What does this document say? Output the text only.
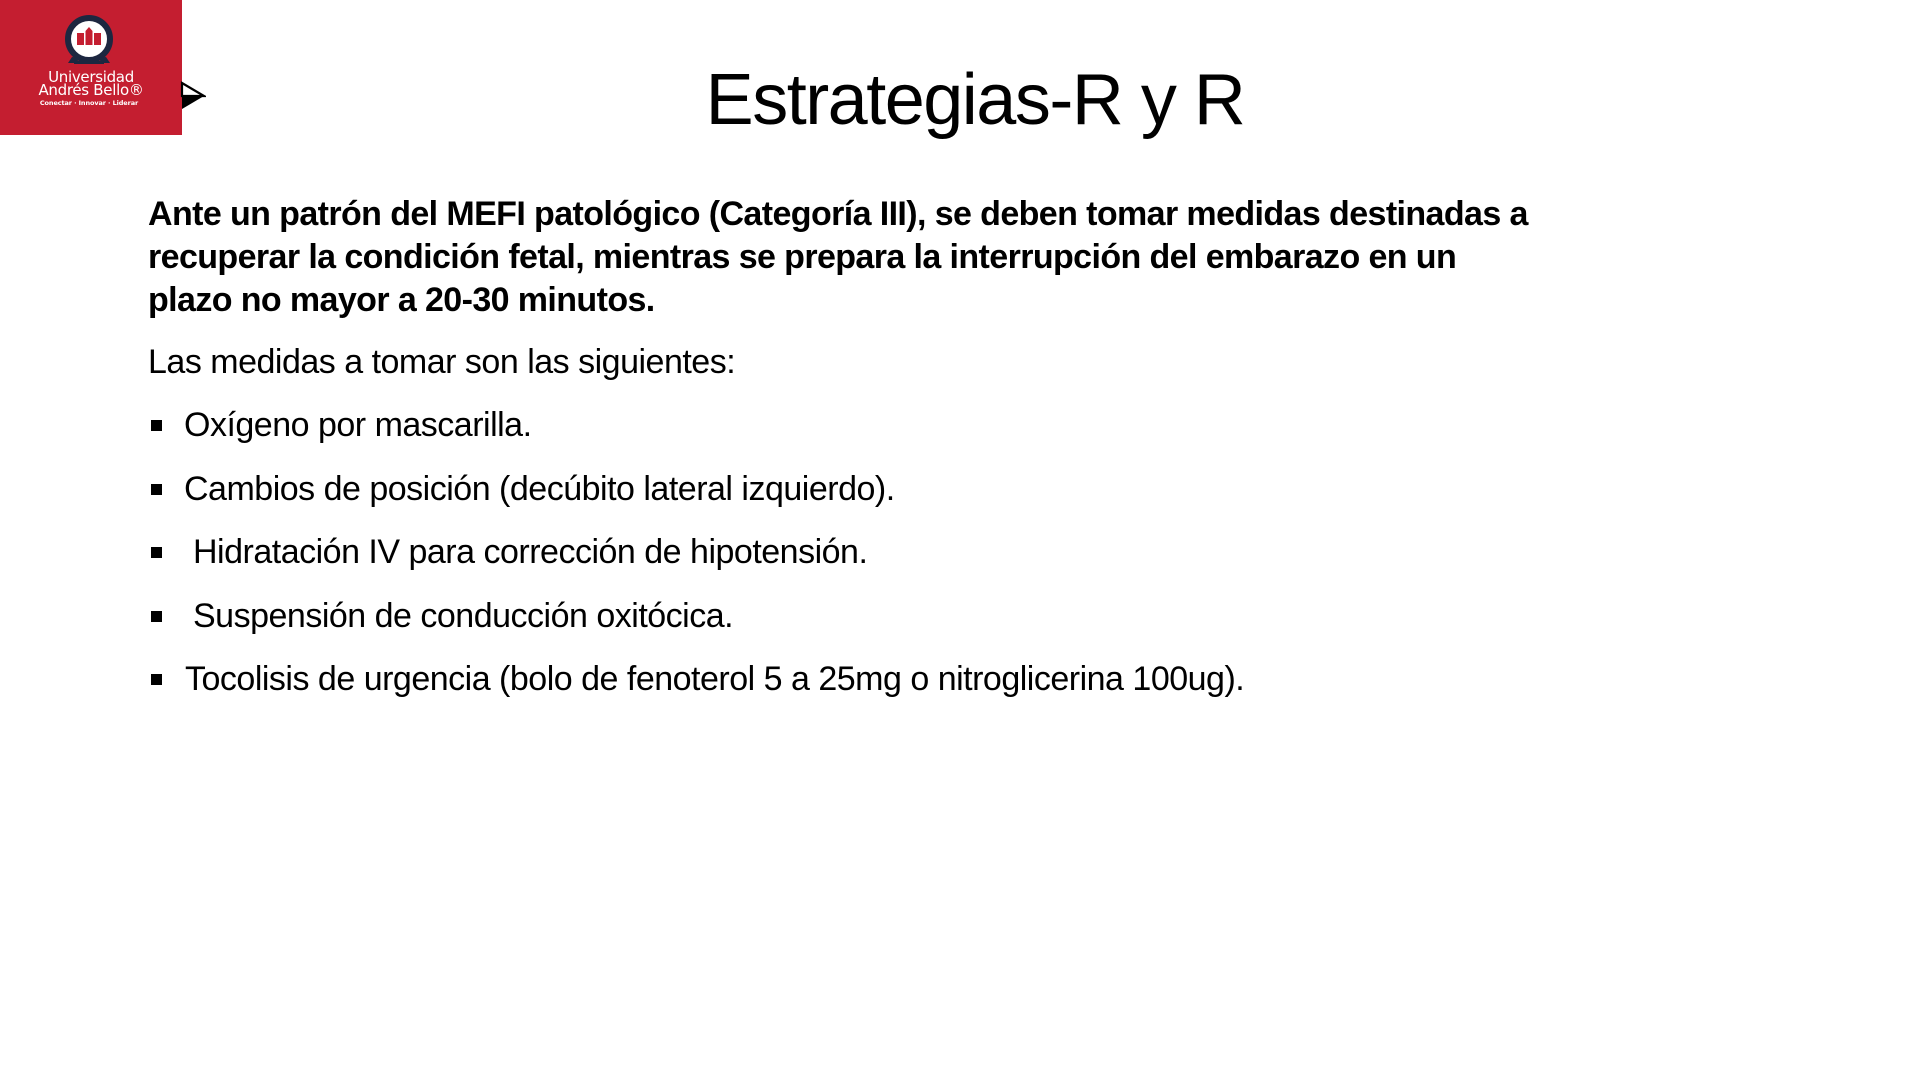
Universidad
Andrés Bello®
Conectar · Innovar · Liderar	Estrategias-R y R

Ante un patrón del MEFI patológico (Categoría III), se deben tomar medidas destinadas a
recuperar la condición fetal, mientras se prepara la interrupción del embarazo en un
plazo no mayor a 20-30 minutos.

Las medidas a tomar son las siguientes:

Oxígeno por mascarilla.
Cambios de posición (decúbito lateral izquierdo).
Hidratación IV para corrección de hipotensión.
Suspensión de conducción oxitócica.
Tocolisis de urgencia (bolo de fenoterol 5 a 25mg o nitroglicerina 100ug).
